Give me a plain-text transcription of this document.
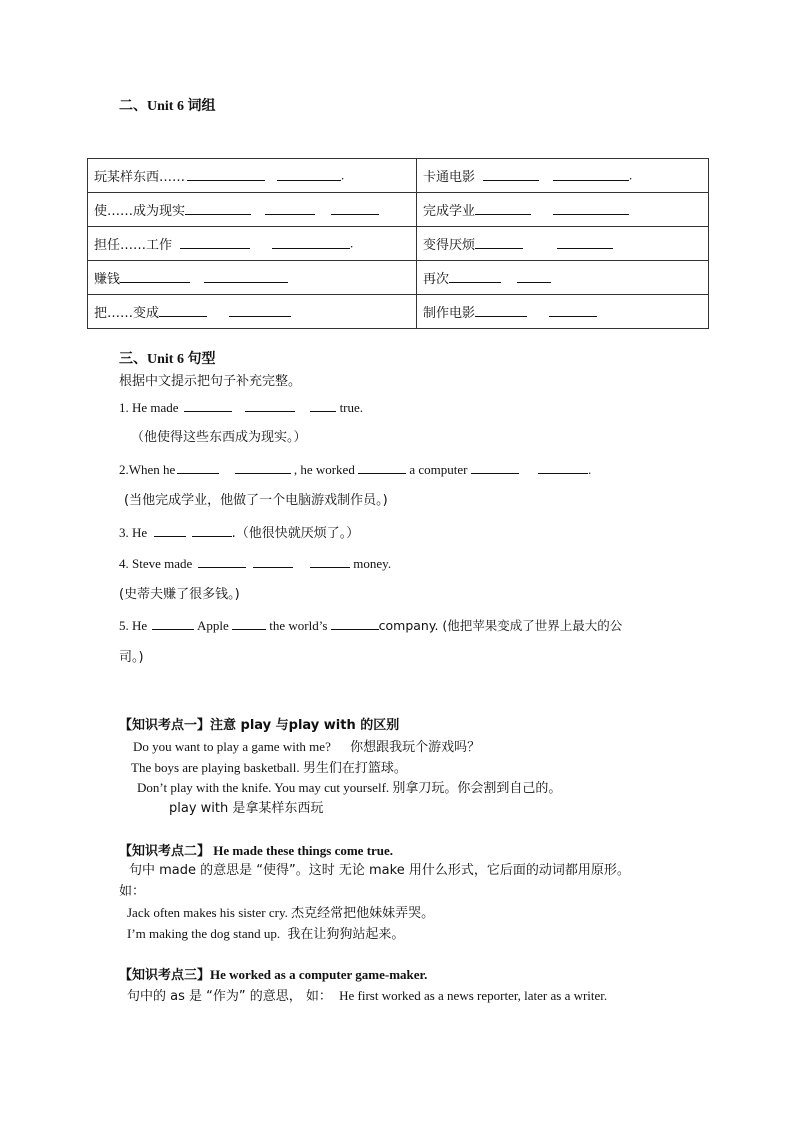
二、Unit 6 词组
玩某样东西…… .	卡通电影 .
使……成为现实	完成学业
担任……工作 .	变得厌烦
赚钱	再次
把……变成	制作电影
三、Unit 6 句型
根据中文提示把句子补充完整。
1. He made	true.
（他使得这些东西成为现实。）
2.When he	, he worked	a computer	.
(当他完成学业，他做了一个电脑游戏制作员。)
3. He	.（他很快就厌烦了。）
4. Steve made	money.
(史蒂夫赚了很多钱。)
5. He	Apple	the world’s	company. (他把苹果变成了世界上最大的公
司。)
【知识考点一】注意 play 与play with 的区别
Do you want to play a game with me? 你想跟我玩个游戏吗？
The boys are playing basketball. 男生们在打篮球。
Don’t play with the knife. You may cut yourself. 别拿刀玩。你会割到自己的。
play with 是拿某样东西玩
【知识考点二】 He made these things come true.
句中 made 的意思是 “使得”。这时 无论 make 用什么形式，它后面的动词都用原形。
如：
Jack often makes his sister cry. 杰克经常把他妹妹弄哭。
I’m making the dog stand up. 我在让狗狗站起来。
【知识考点三】He worked as a computer game-maker.
句中的 as 是 “作为” 的意思， 如： He first worked as a news reporter, later as a writer.
